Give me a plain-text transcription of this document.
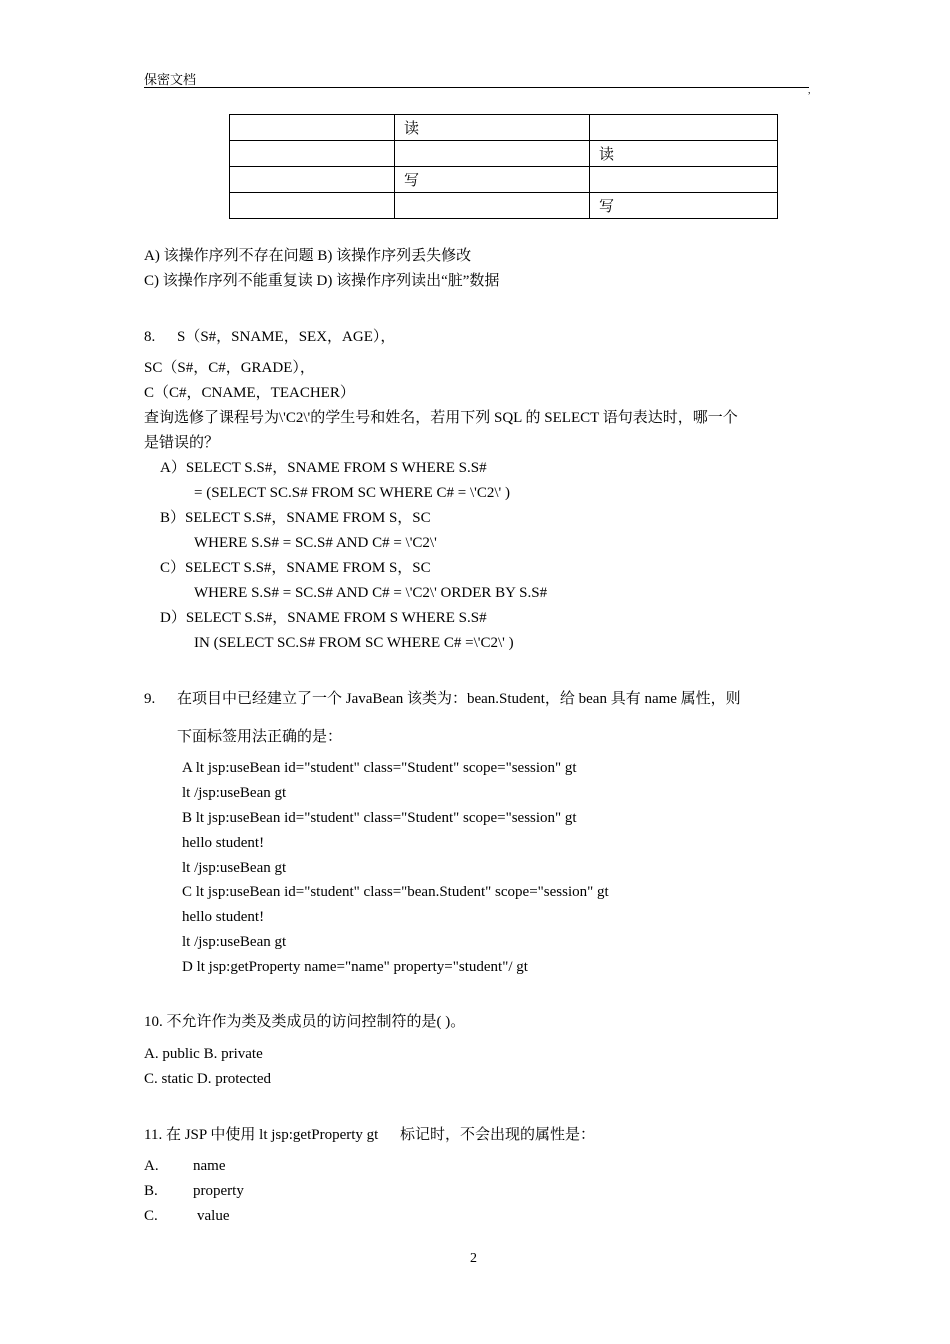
保密文档
,
	读	
		读
	写	
		写
A) 该操作序列不存在问题 B) 该操作序列丢失修改
C) 该操作序列不能重复读 D) 该操作序列读出“脏”数据
8. S（S#，SNAME，SEX，AGE），
SC（S#，C#，GRADE），
C（C#，CNAME，TEACHER）
查询选修了课程号为\'C2\'的学生号和姓名，若用下列 SQL 的 SELECT 语句表达时，哪一个
是错误的？
A）SELECT S.S#，SNAME FROM S WHERE S.S#
= (SELECT SC.S# FROM SC WHERE C# = \'C2\' )
B）SELECT S.S#，SNAME FROM S，SC
WHERE S.S# = SC.S# AND C# = \'C2\'
C）SELECT S.S#，SNAME FROM S，SC
WHERE S.S# = SC.S# AND C# = \'C2\' ORDER BY S.S#
D）SELECT S.S#，SNAME FROM S WHERE S.S#
IN (SELECT SC.S# FROM SC WHERE C# =\'C2\' )
9. 在项目中已经建立了一个 JavaBean 该类为：bean.Student，给 bean 具有 name 属性，则
下面标签用法正确的是：
A lt jsp:useBean id="student" class="Student" scope="session" gt
lt /jsp:useBean gt
B lt jsp:useBean id="student" class="Student" scope="session" gt
hello student!
lt /jsp:useBean gt
C lt jsp:useBean id="student" class="bean.Student" scope="session" gt
hello student!
lt /jsp:useBean gt
D lt jsp:getProperty name="name" property="student"/ gt
10. 不允许作为类及类成员的访问控制符的是( )。
A. public B. private
C. static D. protected
11. 在 JSP 中使用 lt jsp:getProperty gt 标记时，不会出现的属性是：
A. name
B. property
C.	value
2
